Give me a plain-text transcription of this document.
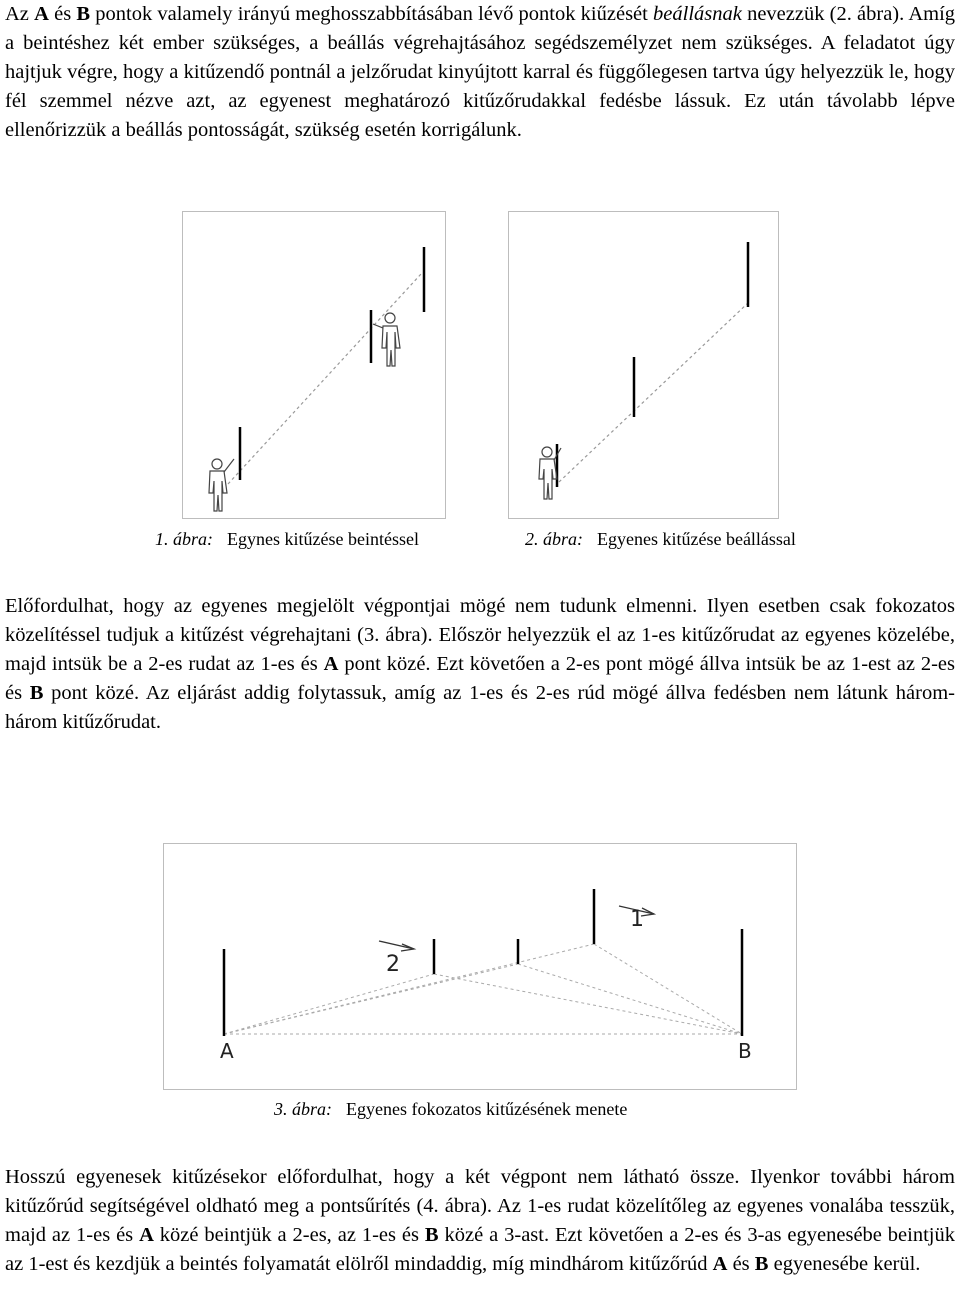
Az A és B pontok valamely irányú meghosszabbításában lévő pontok kiűzését beállásnak nevezzük (2. ábra). Amíg a beintéshez két ember szükséges, a beállás végrehajtásához segédszemélyzet nem szükséges. A feladatot úgy hajtjuk végre, hogy a kitűzendő pontnál a jelzőrudat kinyújtott karral és függőlegesen tartva úgy helyezzük le, hogy fél szemmel nézve azt, az egyenest meghatározó kitűzőrudakkal fedésbe lássuk. Ez után távolabb lépve ellenőrizzük a beállás pontosságát, szükség esetén korrigálunk.

1. ábra: Egynes kitűzése beintéssel	2. ábra: Egyenes kitűzése beállással

Előfordulhat, hogy az egyenes megjelölt végpontjai mögé nem tudunk elmenni. Ilyen esetben csak fokozatos közelítéssel tudjuk a kitűzést végrehajtani (3. ábra). Először helyezzük el az 1-es kitűzőrudat az egyenes közelébe, majd intsük be a 2-es rudat az 1-es és A pont közé. Ezt követően a 2-es pont mögé állva intsük be az 1-est az 2-es és B pont közé. Az eljárást addig folytassuk, amíg az 1-es és 2-es rúd mögé állva fedésben nem látunk három-három kitűzőrudat.

2
1
A	B
3. ábra: Egyenes fokozatos kitűzésének menete

Hosszú egyenesek kitűzésekor előfordulhat, hogy a két végpont nem látható össze. Ilyenkor további három kitűzőrúd segítségével oldható meg a pontsűrítés (4. ábra). Az 1-es rudat közelítőleg az egyenes vonalába tesszük, majd az 1-es és A közé beintjük a 2-es, az 1-es és B közé a 3-ast. Ezt követően a 2-es és 3-as egyenesébe beintjük az 1-est és kezdjük a beintés folyamatát elölről mindaddig, míg mindhárom kitűzőrúd A és B egyenesébe kerül.
